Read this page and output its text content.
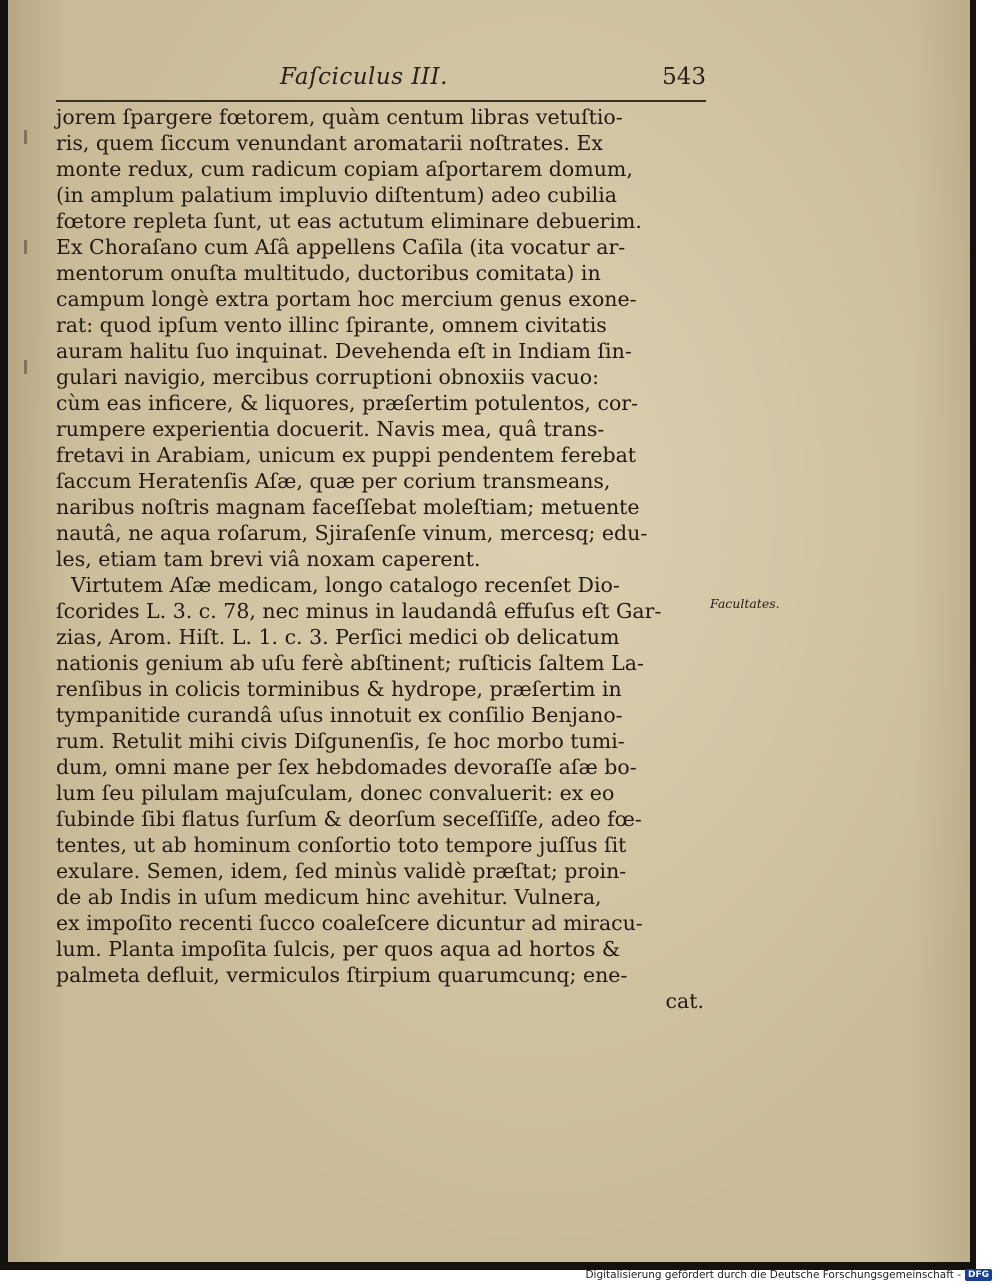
Faſciculus III.	543
jorem ſpargere fœtorem, quàm centum libras vetuſtio-
ris, quem ſiccum venundant aromatarii noſtrates. Ex
monte redux, cum radicum copiam aſportarem domum,
(in amplum palatium impluvio diſtentum) adeo cubilia
fœtore repleta ſunt, ut eas actutum eliminare debuerim.
Ex Choraſano cum Aſâ appellens Caſila (ita vocatur ar-
mentorum onuſta multitudo, ductoribus comitata) in
campum longè extra portam hoc mercium genus exone-
rat: quod ipſum vento illinc ſpirante, omnem civitatis
auram halitu ſuo inquinat. Devehenda eſt in Indiam ſin-
gulari navigio, mercibus corruptioni obnoxiis vacuo:
cùm eas inficere, & liquores, præſertim potulentos, cor-
rumpere experientia docuerit. Navis mea, quâ trans-
fretavi in Arabiam, unicum ex puppi pendentem ferebat
ſaccum Heratenſis Aſæ, quæ per corium transmeans,
naribus noſtris magnam faceſſebat moleſtiam; metuente
nautâ, ne aqua roſarum, Sjiraſenſe vinum, mercesq; edu-
les, etiam tam brevi viâ noxam caperent.
Virtutem Aſæ medicam, longo catalogo recenſet Dio-
ſcorides L. 3. c. 78, nec minus in laudandâ effuſus eſt Gar-
zias, Arom. Hiſt. L. 1. c. 3. Perſici medici ob delicatum
nationis genium ab uſu ferè abſtinent; ruſticis ſaltem La-
renſibus in colicis torminibus & hydrope, præſertim in
tympanitide curandâ uſus innotuit ex conſilio Benjano-
rum. Retulit mihi civis Diſgunenſis, ſe hoc morbo tumi-
dum, omni mane per ſex hebdomades devoraſſe aſæ bo-
lum ſeu pilulam majuſculam, donec convaluerit: ex eo
ſubinde ſibi flatus ſurſum & deorſum seceſſiſſe, adeo fœ-
tentes, ut ab hominum conſortio toto tempore juſſus ſit
exulare. Semen, idem, ſed minùs validè præſtat; proin-
de ab Indis in uſum medicum hinc avehitur. Vulnera,
ex impoſito recenti ſucco coaleſcere dicuntur ad miracu-
lum. Planta impoſita ſulcis, per quos aqua ad hortos &
palmeta defluit, vermiculos ſtirpium quarumcunq; ene-
cat.
Facultates.
Digitalisierung gefördert durch die Deutsche Forschungsgemeinschaft - DFG
